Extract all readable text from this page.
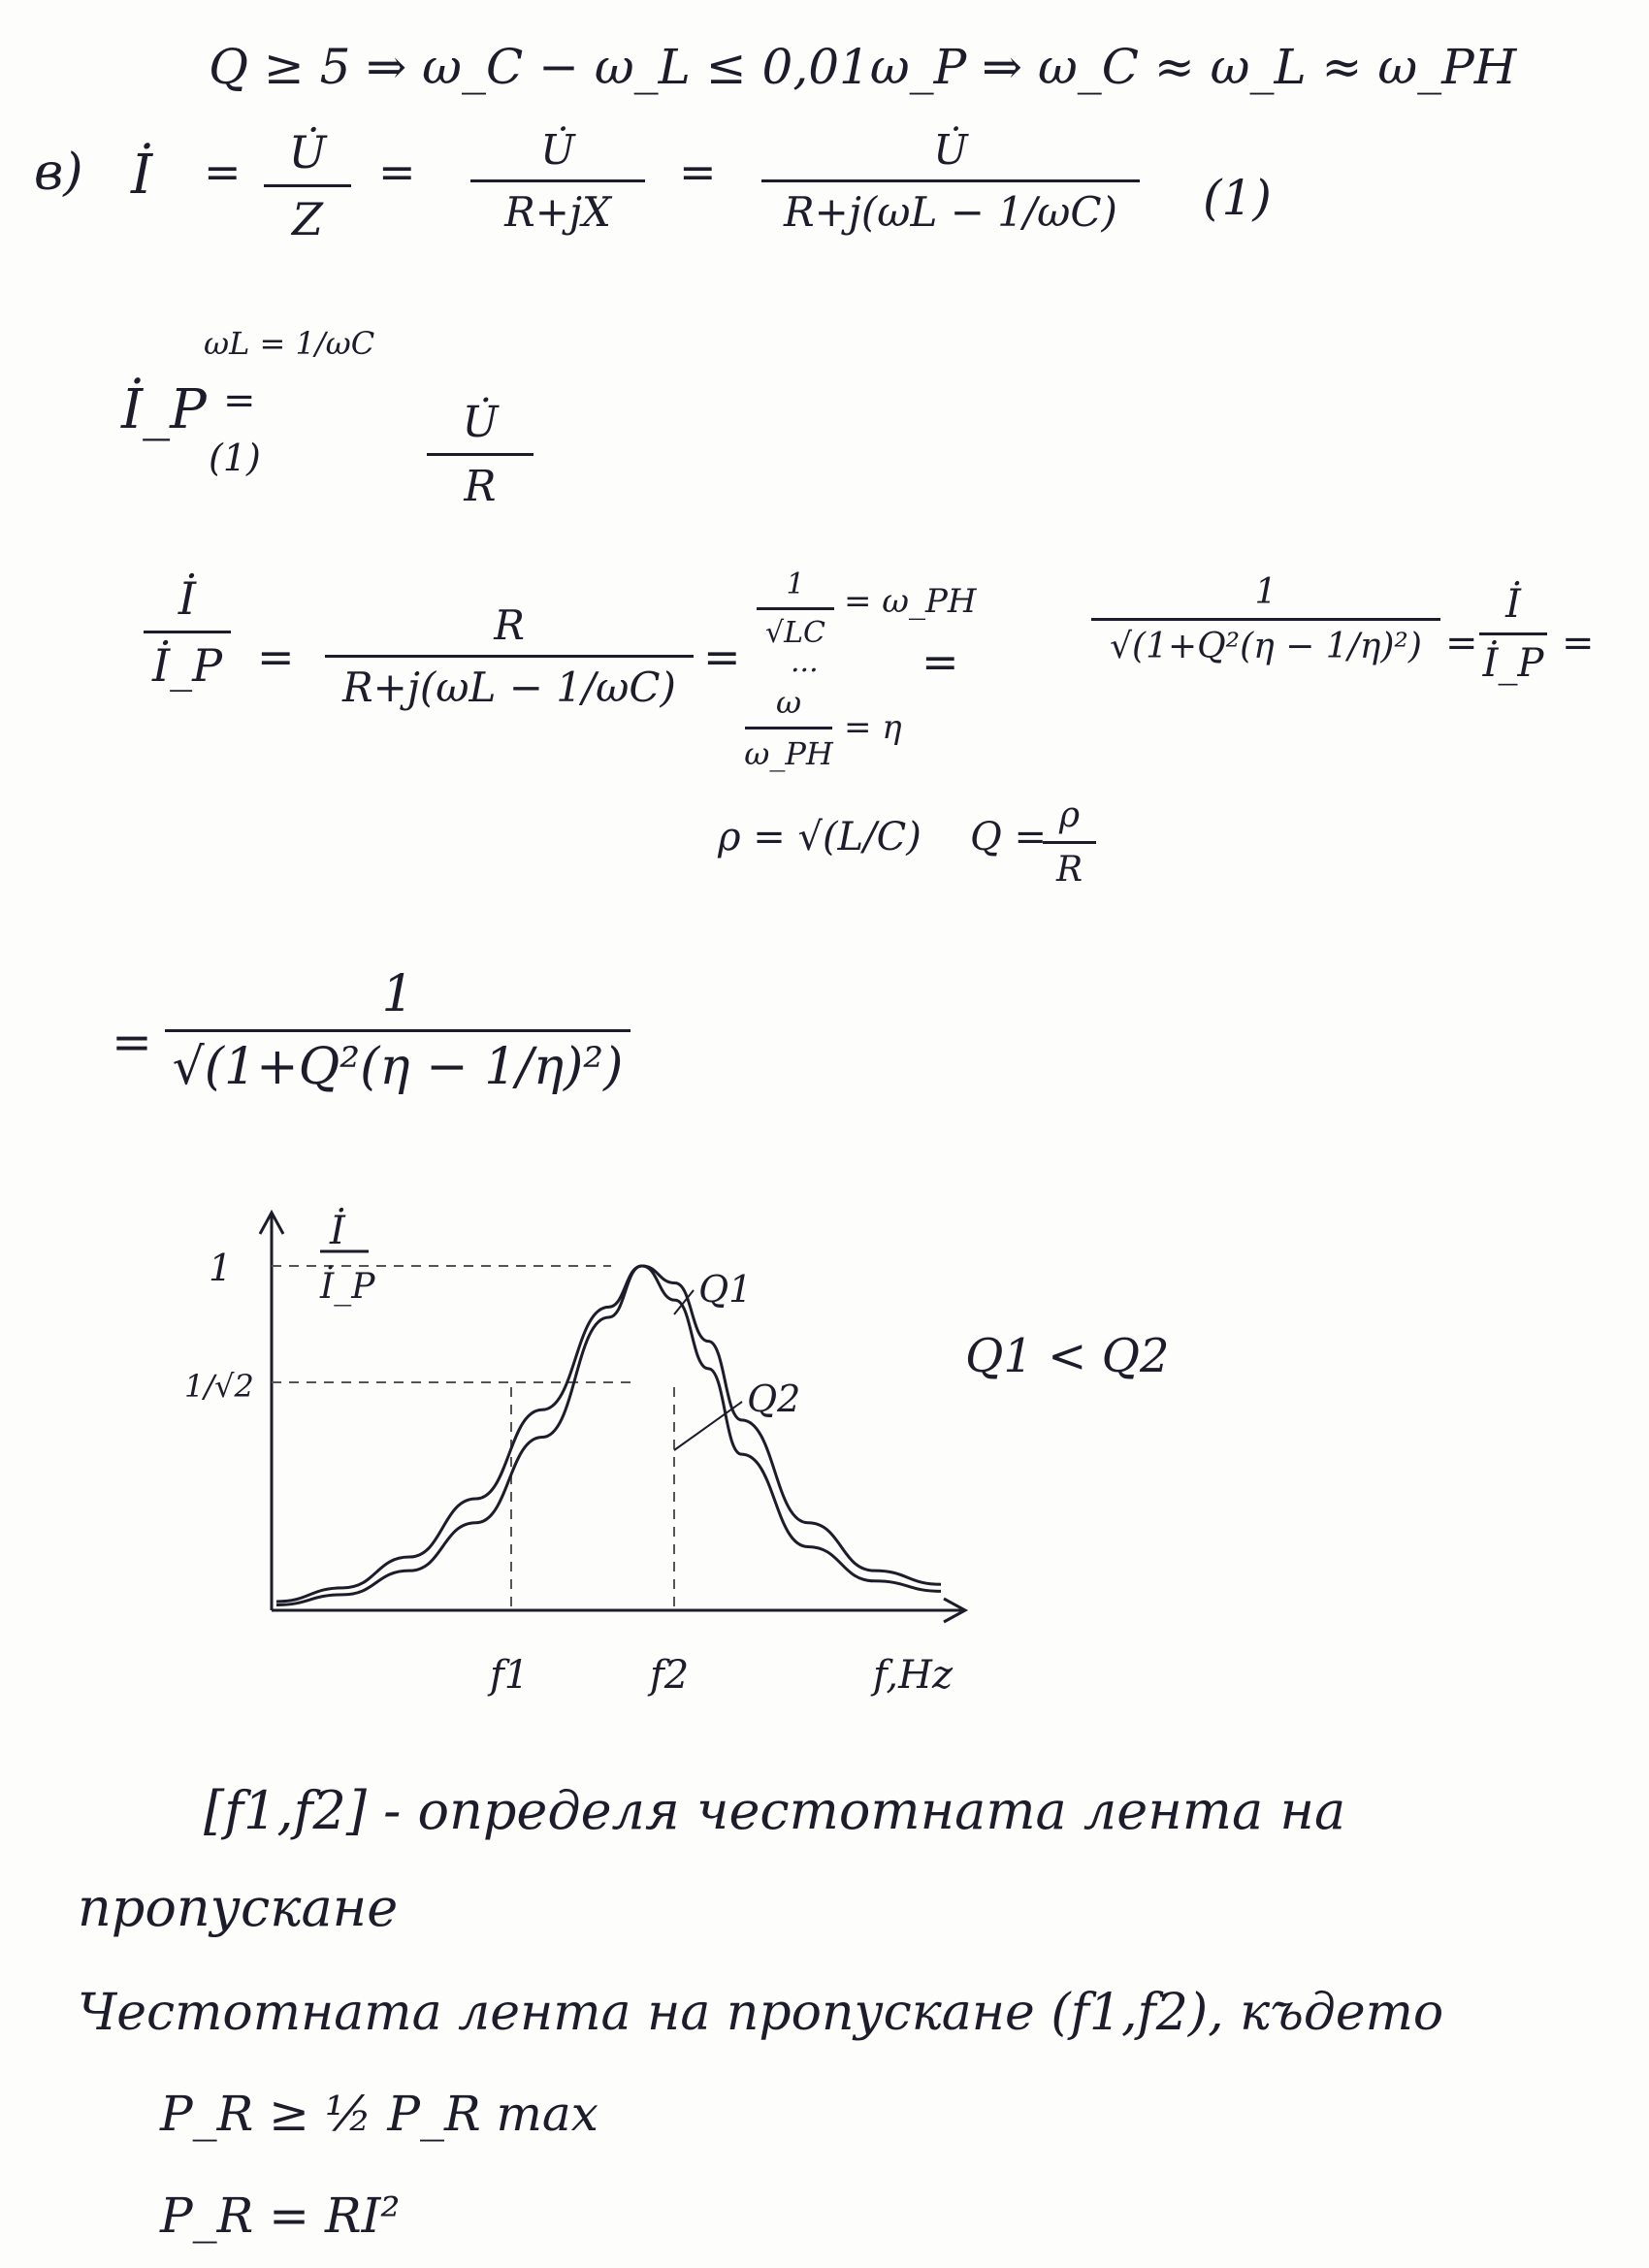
Q ≥ 5 ⇒ ω_C − ω_L ≤ 0,01ω_P ⇒ ω_C ≈ ω_L ≈ ω_PH
в) İ = U̇
Z
=	U̇
R+jX
=	U̇
R+j(ωL − 1/ωC) (1)
İ_P
ωL = 1/ωC
=
(1)
U̇
R
İ
İ_P =
R
R+j(ωL − 1/ωC)
=
1
√LC
= ω_PH
... =
ω
ω_PH
= η
1
√(1+Q²(η − 1/η)²) =
İ
İ_P =
ρ = √(L/C) Q = ρ
R
=
1
√(1+Q²(η − 1/η)²)
İ
İ_P
1
1/√2
f1	f2	f,Hz
Q1
Q2
Q1 < Q2
[f1,f2] - определя честотната лента на
пропускане
Честотната лента на пропускане (f1,f2), където
P_R ≥ ½ P_R max
P_R = RI²
